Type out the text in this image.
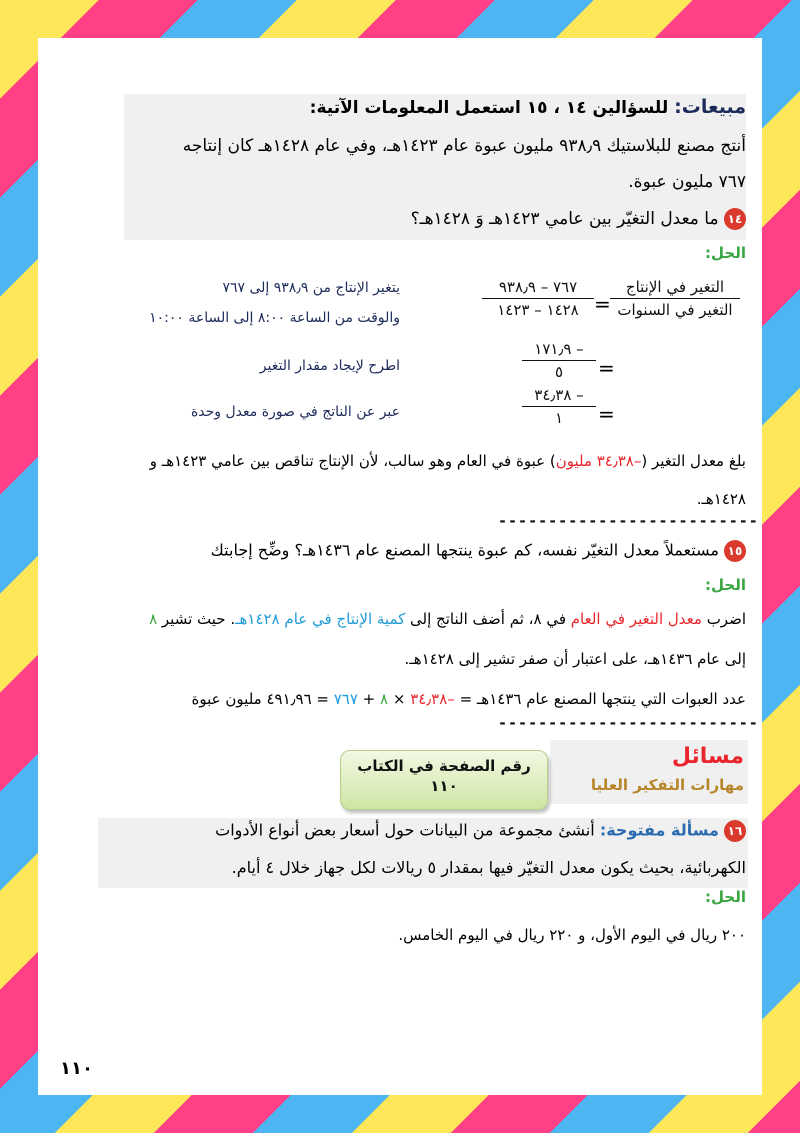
مبيعات: للسؤالين ١٤ ، ١٥ استعمل المعلومات الآتية:
أنتج مصنع للبلاستيك ٩٣٨٫٩ مليون عبوة عام ١٤٢٣هـ، وفي عام ١٤٢٨هـ كان إنتاجه
٧٦٧ مليون عبوة.
١٤ ما معدل التغيّر بين عامي ١٤٢٣هـ وَ ١٤٢٨هـ؟
الحل:
التغير في الإنتاج
التغير في السنوات
=
٧٦٧ – ٩٣٨٫٩
١٤٢٨ – ١٤٢٣
=
– ١٧١٫٩
٥
=
– ٣٤٫٣٨
١
يتغير الإنتاج من ٩٣٨٫٩ إلى ٧٦٧
والوقت من الساعة ٨:٠٠ إلى الساعة ١٠:٠٠
اطرح لإيجاد مقدار التغير
عبر عن الناتج في صورة معدل وحدة
بلغ معدل التغير (–٣٤٫٣٨ مليون) عبوة في العام وهو سالب، لأن الإنتاج تناقص بين عامي ١٤٢٣هـ و
١٤٢٨هـ.
--------------------------
١٥ مستعملاً معدل التغيّر نفسه، كم عبوة ينتجها المصنع عام ١٤٣٦هـ؟ وضِّح إجابتك
الحل:
اضرب معدل التغير في العام في ٨، ثم أضف الناتج إلى كمية الإنتاج في عام ١٤٢٨هـ. حيث تشير ٨
إلى عام ١٤٣٦هـ، على اعتبار أن صفر تشير إلى ١٤٢٨هـ.
عدد العبوات التي ينتجها المصنع عام ١٤٣٦هـ = –٣٤٫٣٨ × ٨ + ٧٦٧ = ٤٩١٫٩٦ مليون عبوة
--------------------------
مسائل
مهارات التفكير العليا
رقم الصفحة في الكتاب
١١٠
١٦ مسألة مفتوحة: أنشئ مجموعة من البيانات حول أسعار بعض أنواع الأدوات
الكهربائية، بحيث يكون معدل التغيّر فيها بمقدار ٥ ريالات لكل جهاز خلال ٤ أيام.
الحل:
٢٠٠ ريال في اليوم الأول، و ٢٢٠ ريال في اليوم الخامس.
١١٠
